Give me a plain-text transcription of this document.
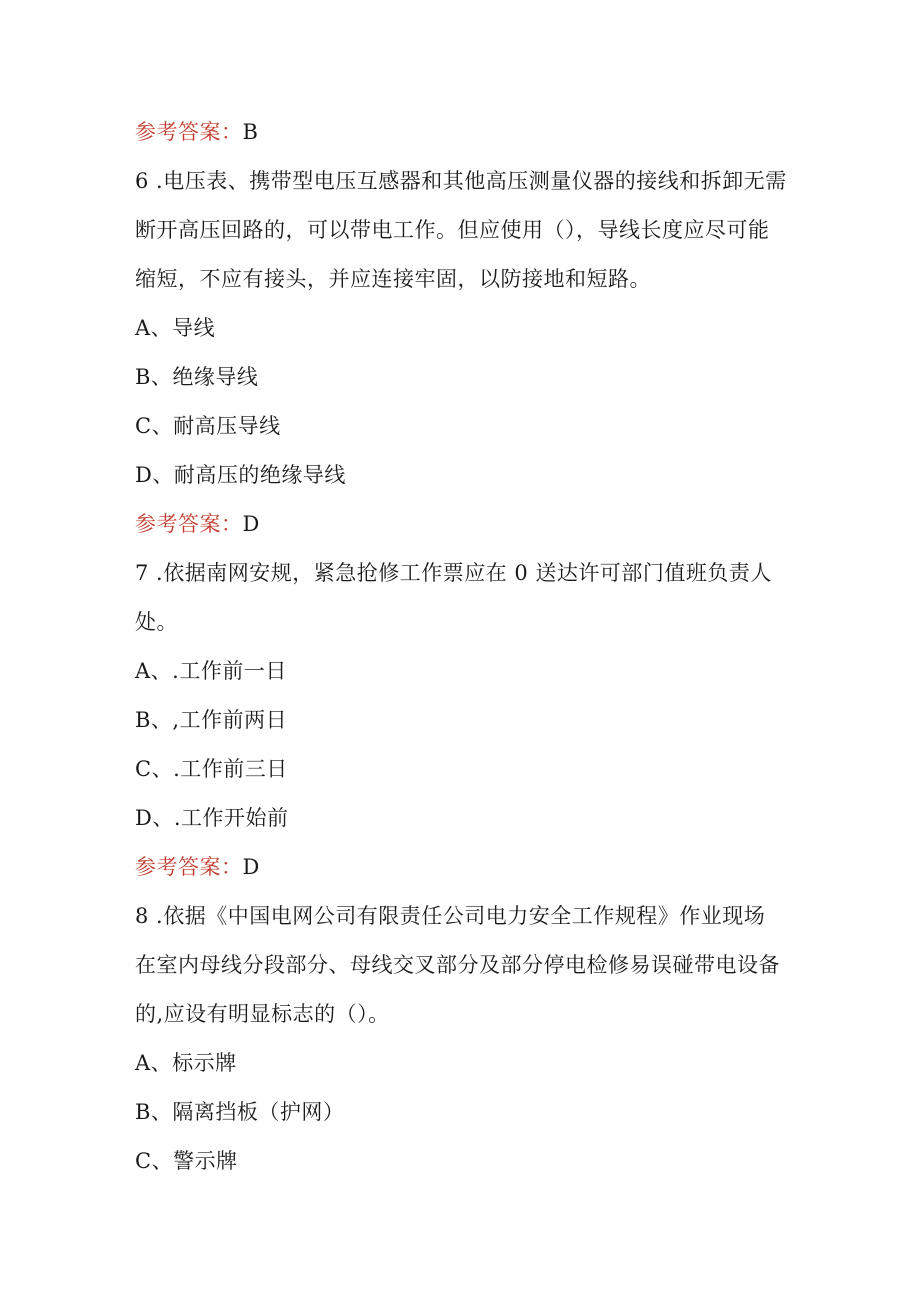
参考答案：B
6 .电压表、携带型电压互感器和其他高压测量仪器的接线和拆卸无需
断开高压回路的，可以带电工作。但应使用（），导线长度应尽可能
缩短，不应有接头，并应连接牢固，以防接地和短路。
A、导线
B、绝缘导线
C、耐高压导线
D、耐高压的绝缘导线
参考答案：D
7 .依据南网安规，紧急抢修工作票应在 0 送达许可部门值班负责人
处。
A、.工作前一日
B、,工作前两日
C、.工作前三日
D、.工作开始前
参考答案：D
8 .依据《中国电网公司有限责任公司电力安全工作规程》作业现场
在室内母线分段部分、母线交叉部分及部分停电检修易误碰带电设备
的,应设有明显标志的（）。
A、标示牌
B、隔离挡板（护网）
C、警示牌
